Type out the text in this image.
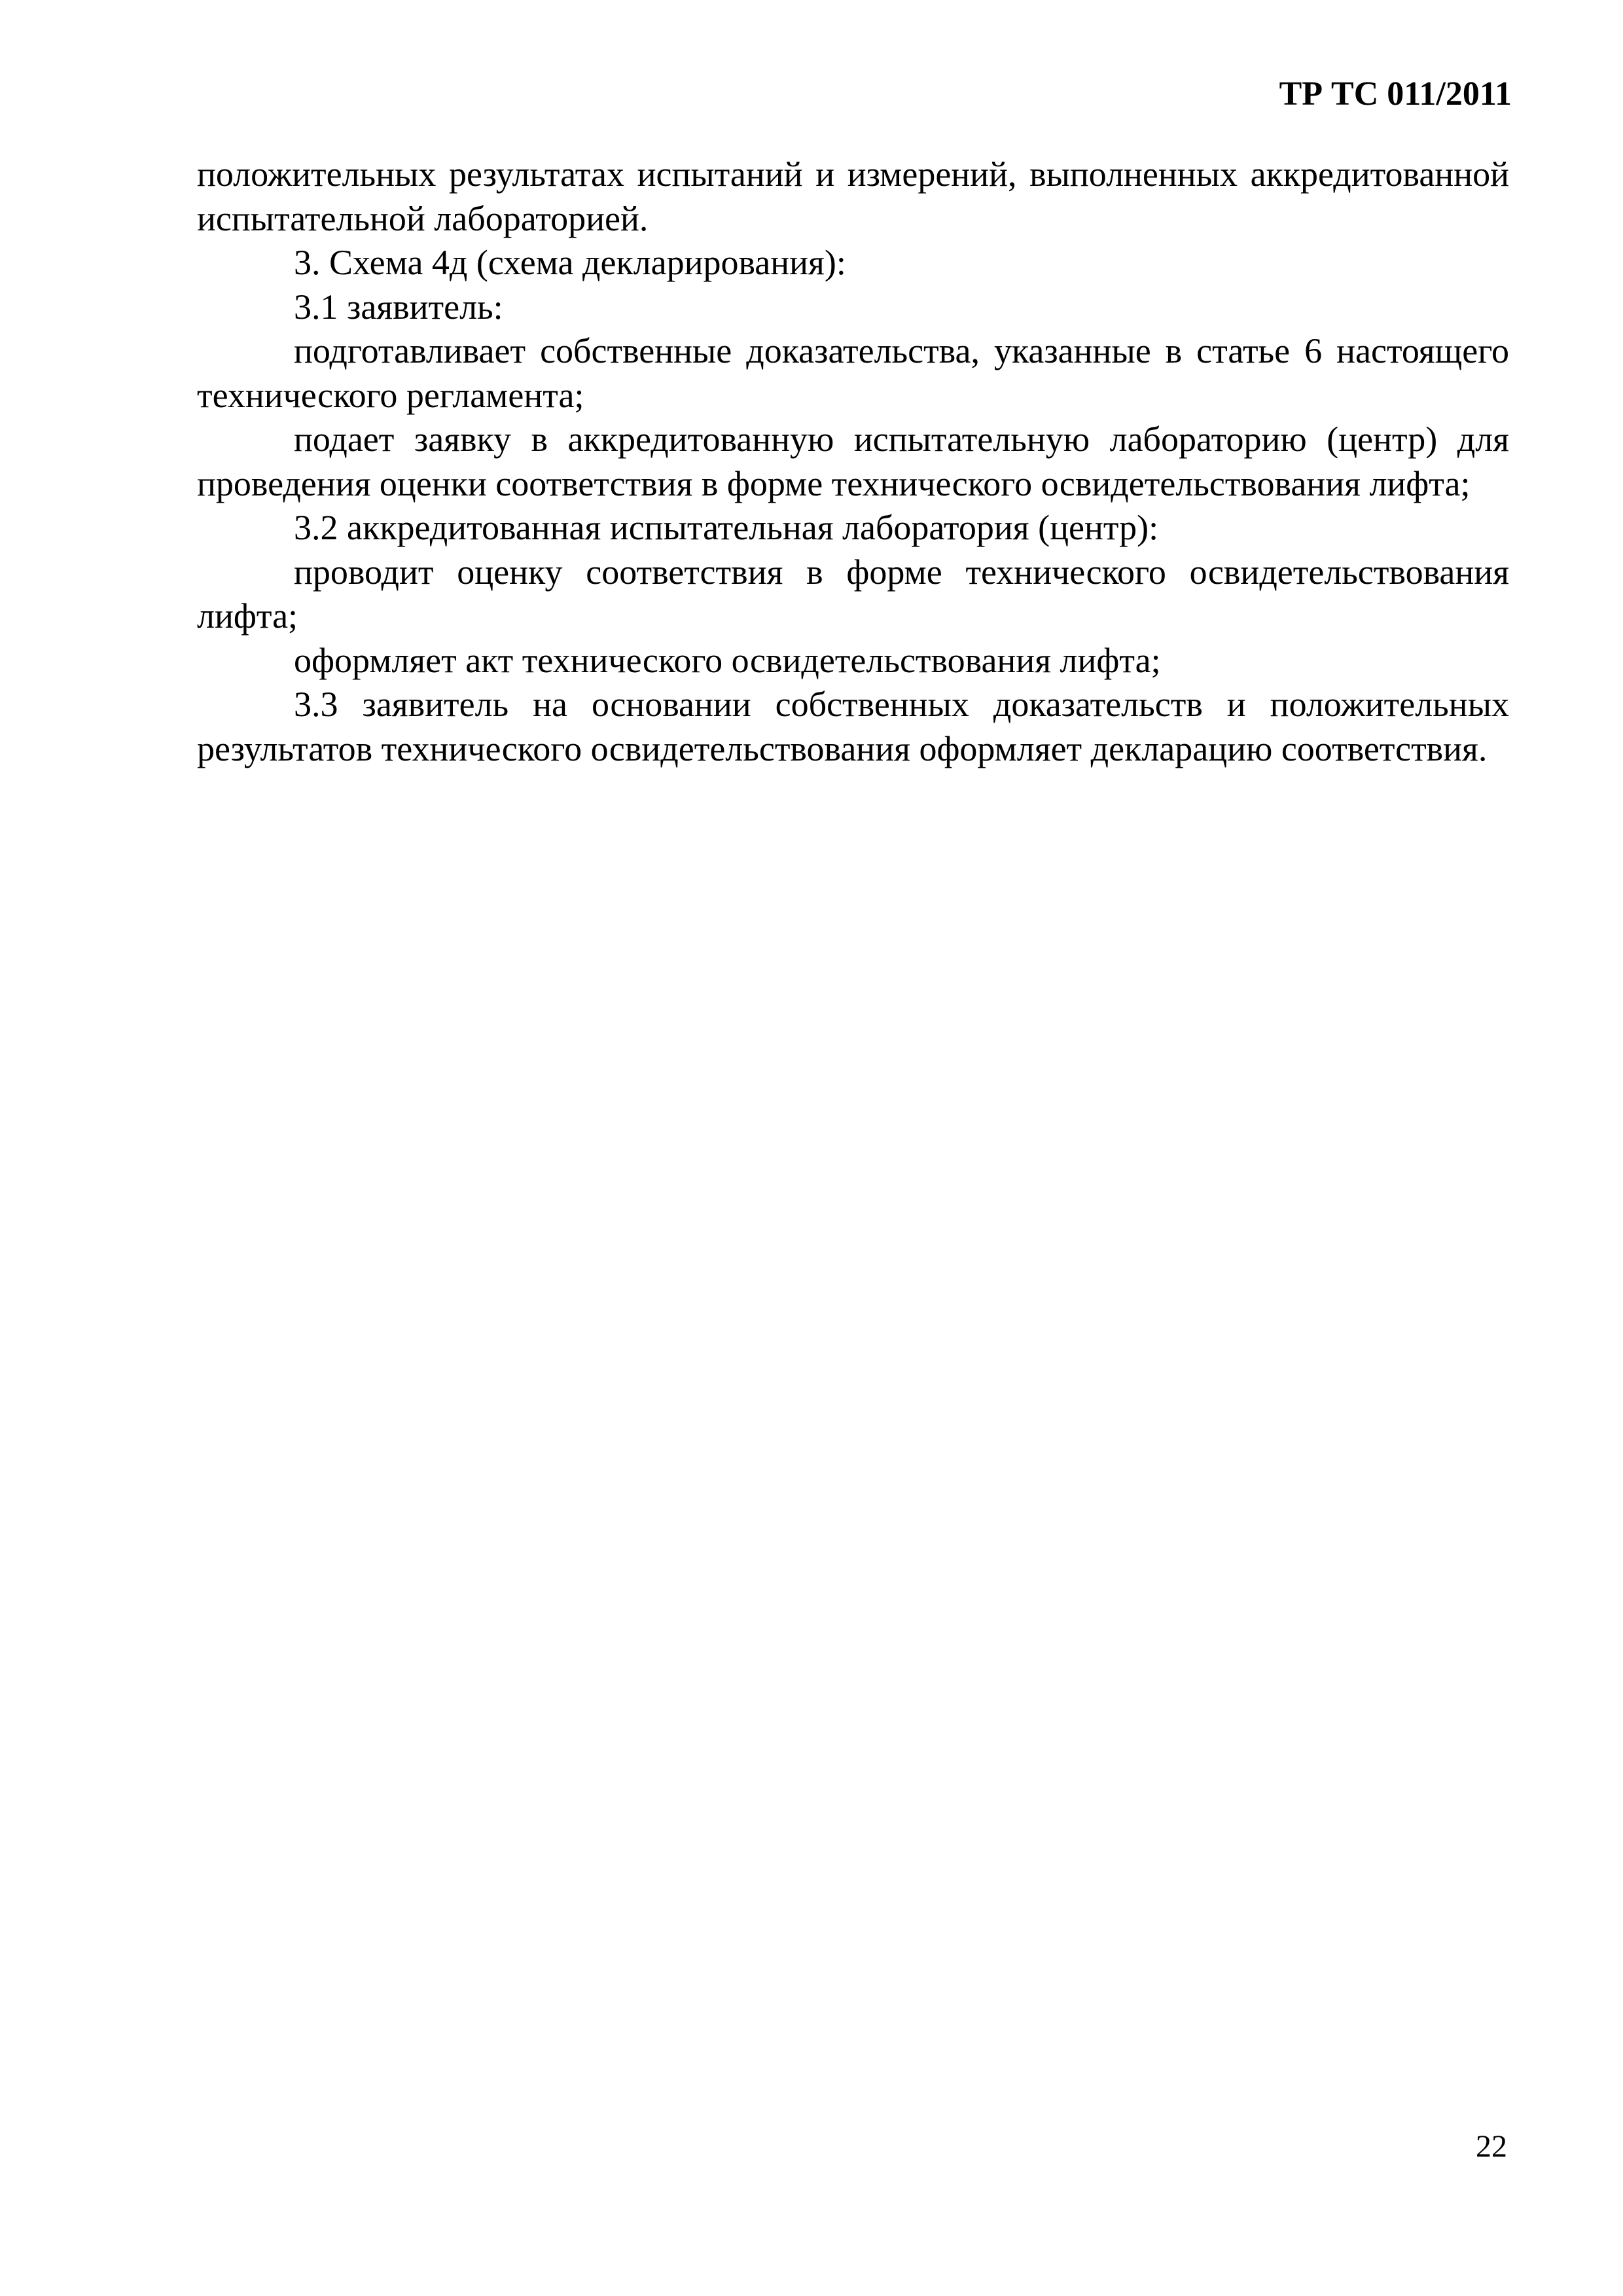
ТР ТС 011/2011

положительных результатах испытаний и измерений, выполненных аккредитованной испытательной лабораторией.

3. Схема 4д (схема декларирования):

3.1 заявитель:

подготавливает собственные доказательства, указанные в статье 6 настоящего технического регламента;

подает заявку в аккредитованную испытательную лабораторию (центр) для проведения оценки соответствия в форме технического освидетельствования лифта;

3.2 аккредитованная испытательная лаборатория (центр):

проводит оценку соответствия в форме технического освидетельствования лифта;

оформляет акт технического освидетельствования лифта;

3.3 заявитель на основании собственных доказательств и положительных результатов технического освидетельствования оформляет декларацию соответствия.

22
